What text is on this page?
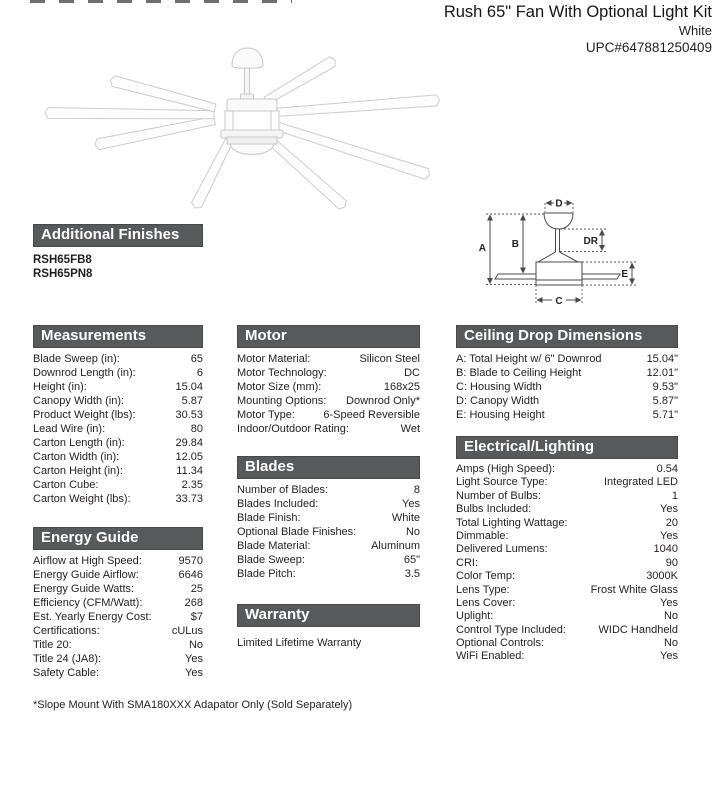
Rush 65" Fan With Optional Light Kit
White
UPC#647881250409
Additional Finishes
RSH65FB8
RSH65PN8
A	B
C
D
E
DR
Measurements
Blade Sweep (in):	65
Downrod Length (in):	6
Height (in):	15.04
Canopy Width (in):	5.87
Product Weight (lbs):	30.53
Lead Wire (in):	80
Carton Length (in):	29.84
Carton Width (in):	12.05
Carton Height (in):	11.34
Carton Cube:	2.35
Carton Weight (lbs):	33.73
Energy Guide
Airflow at High Speed:	9570
Energy Guide Airflow:	6646
Energy Guide Watts:	25
Efficiency (CFM/Watt):	268
Est. Yearly Energy Cost:	$7
Certifications:	cULus
Title 20:	No
Title 24 (JA8):	Yes
Safety Cable:	Yes
Motor
Motor Material:	Silicon Steel
Motor Technology:	DC
Motor Size (mm):	168x25
Mounting Options: Downrod Only*
Motor Type:	6-Speed Reversible
Indoor/Outdoor Rating:	Wet
Blades
Number of Blades:	8
Blades Included:	Yes
Blade Finish:	White
Optional Blade Finishes:	No
Blade Material:	Aluminum
Blade Sweep:	65"
Blade Pitch:	3.5
Warranty
Limited Lifetime Warranty
Ceiling Drop Dimensions
A: Total Height w/ 6" Downrod	15.04"
B: Blade to Ceiling Height	12.01"
C: Housing Width	9.53"
D: Canopy Width	5.87"
E: Housing Height	5.71"
Electrical/Lighting
Amps (High Speed):	0.54
Light Source Type:	Integrated LED
Number of Bulbs:	1
Bulbs Included:	Yes
Total Lighting Wattage:	20
Dimmable:	Yes
Delivered Lumens:	1040
CRI:	90
Color Temp:	3000K
Lens Type:	Frost White Glass
Lens Cover:	Yes
Uplight:	No
Control Type Included:	WIDC Handheld
Optional Controls:	No
WiFi Enabled:	Yes
*Slope Mount With SMA180XXX Adapator Only (Sold Separately)
